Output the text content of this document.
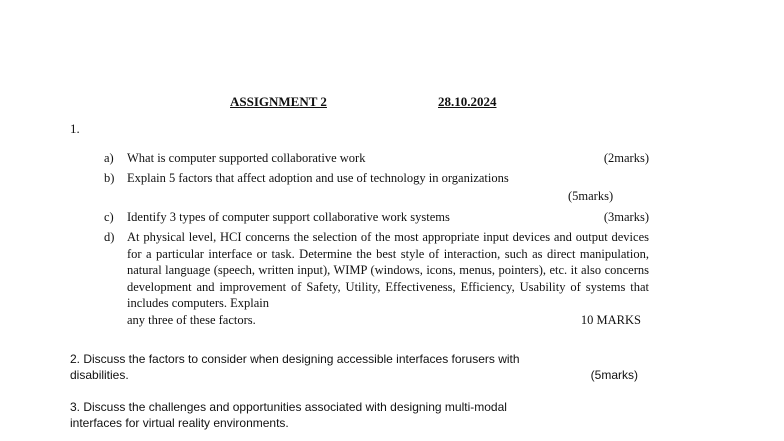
ASSIGNMENT 2	28.10.2024
1.
a) What is computer supported collaborative work	(2marks)
b) Explain 5 factors that affect adoption and use of technology in organizations
(5marks)
c) Identify 3 types of computer support collaborative work systems	(3marks)
d) At physical level, HCI concerns the selection of the most appropriate input devices and output devices for a particular interface or task. Determine the best style of interaction, such as direct manipulation, natural language (speech, written input), WIMP (windows, icons, menus, pointers), etc. it also concerns development and improvement of Safety, Utility, Effectiveness, Efficiency, Usability of systems that includes computers. Explain
any three of these factors.	10 MARKS
2. Discuss the factors to consider when designing accessible interfaces forusers with
disabilities.	(5marks)
3. Discuss the challenges and opportunities associated with designing multi-modal
interfaces for virtual reality environments.
